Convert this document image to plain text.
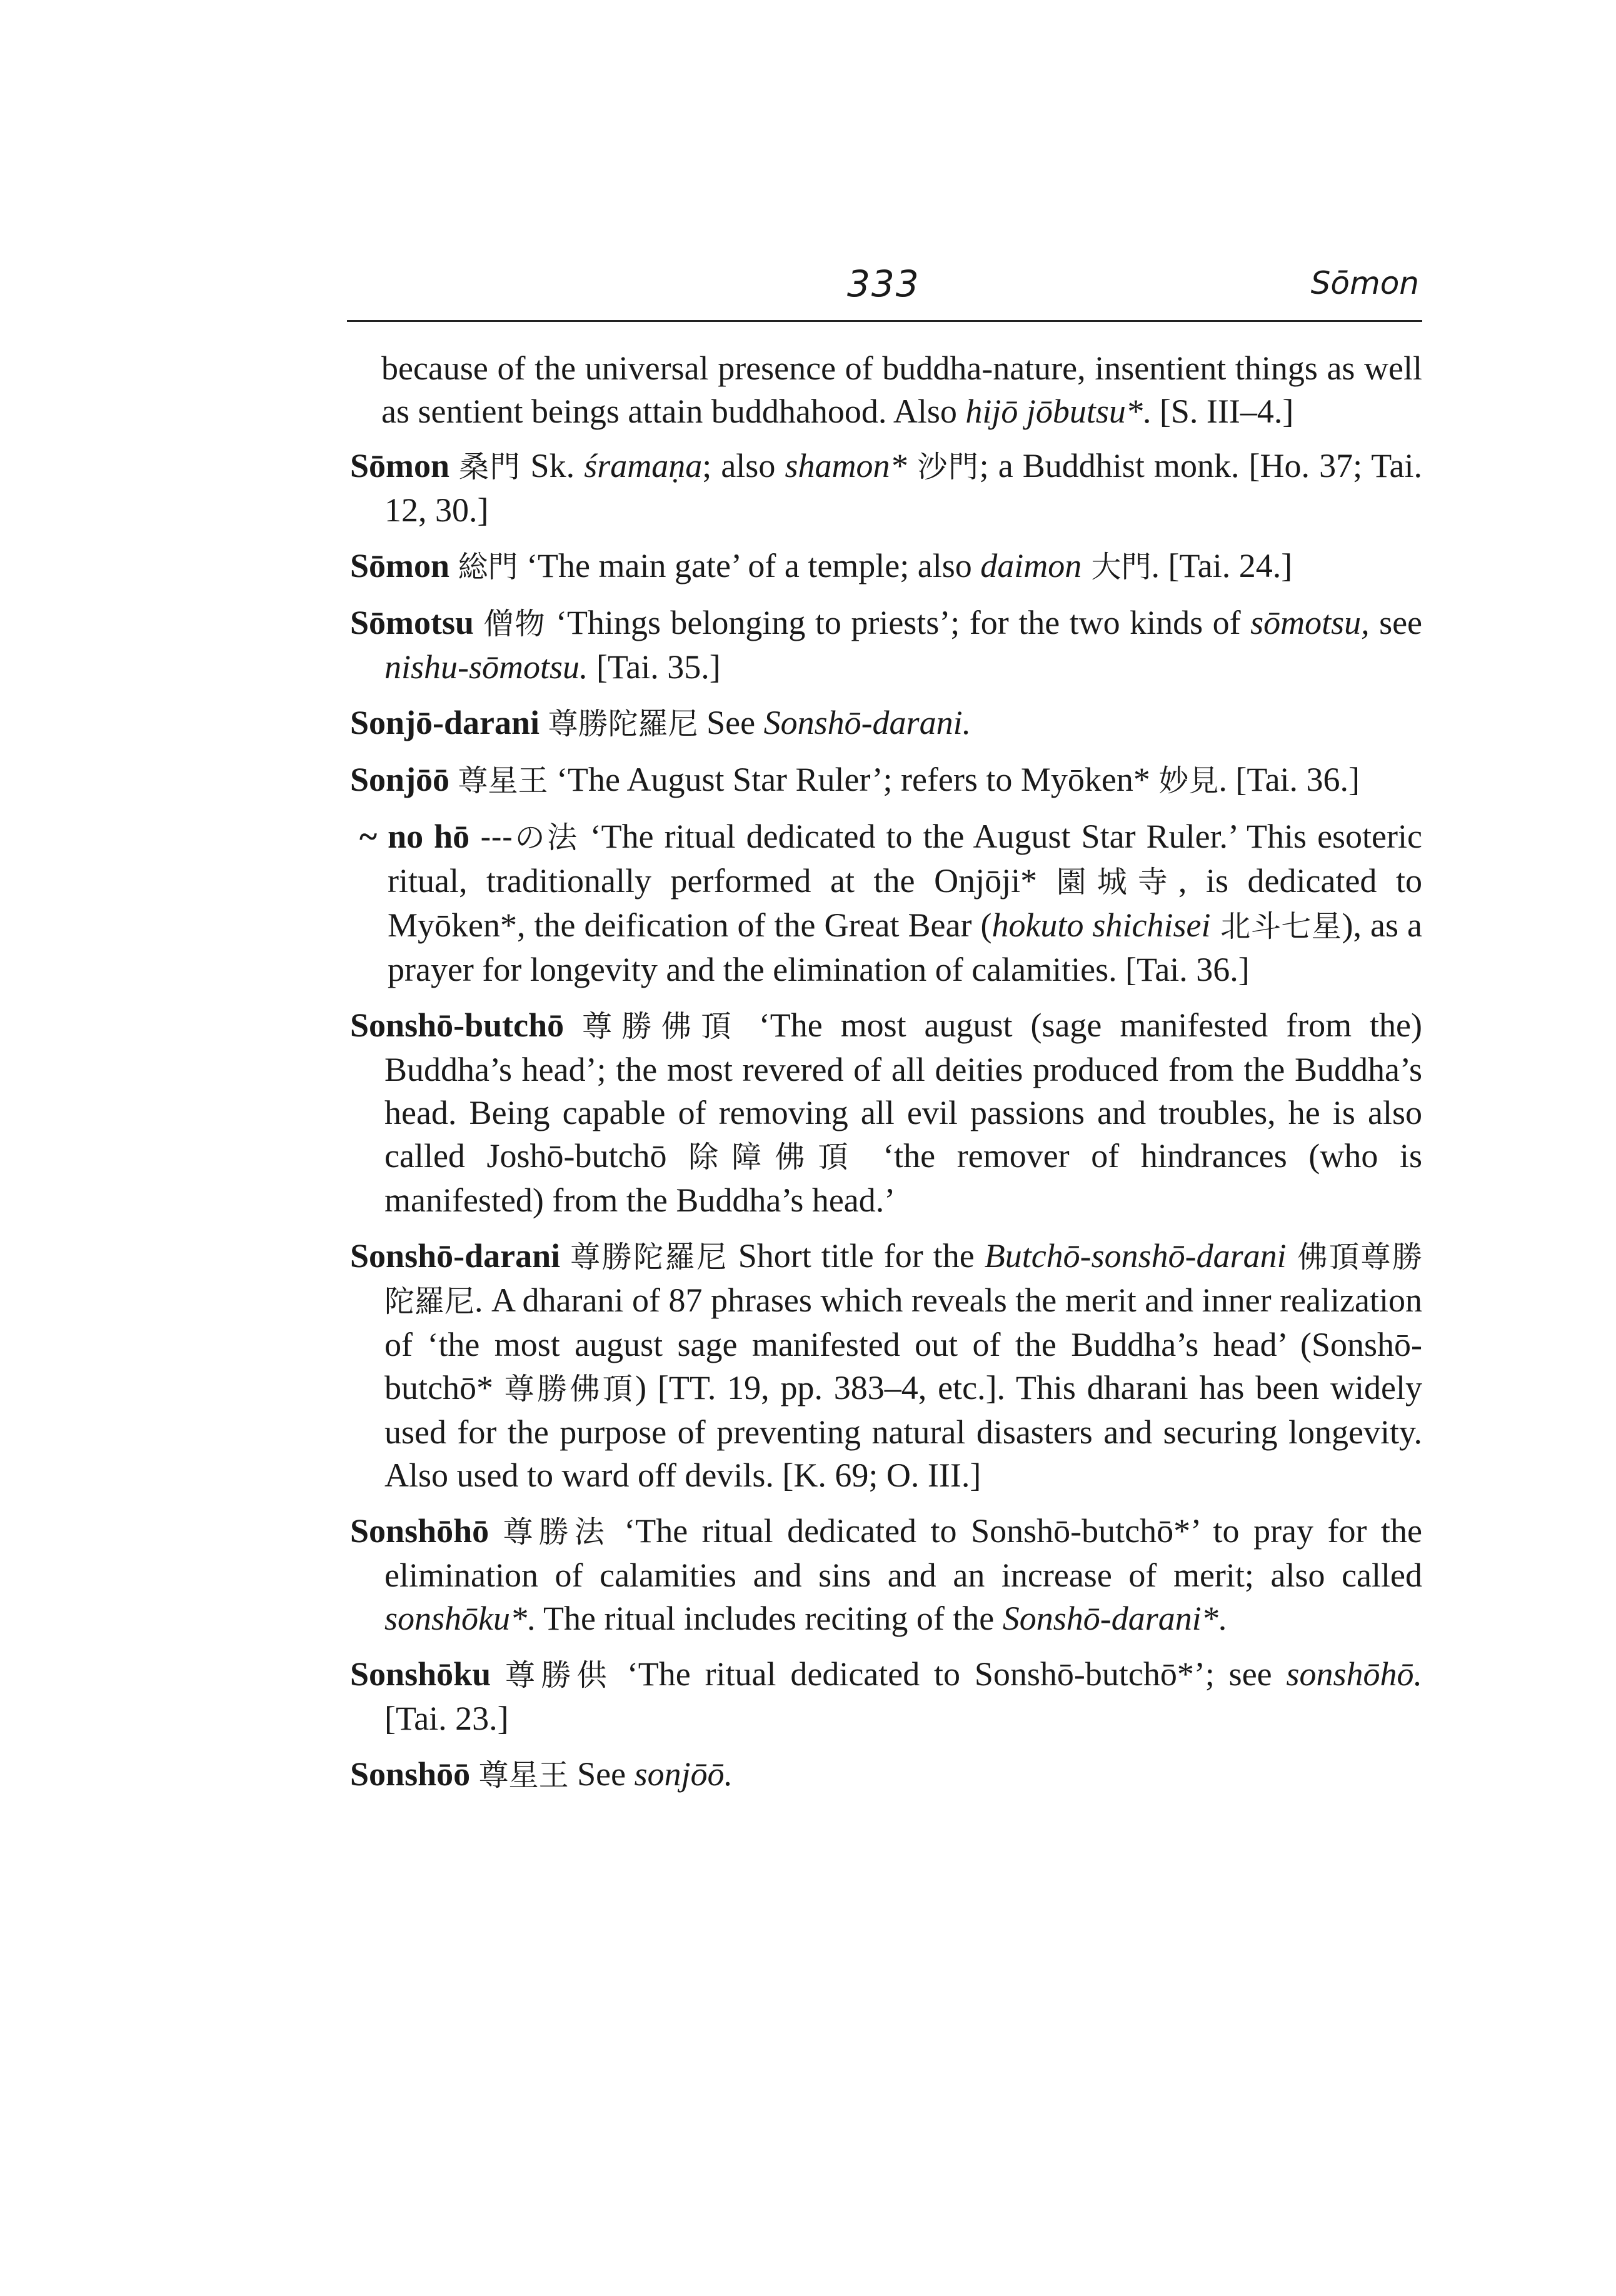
333	Sōmon

because of the universal presence of buddha-nature, insentient things as well as sentient beings attain buddhahood. Also hijō jōbutsu*. [S. III–4.]

Sōmon 桑門 Sk. śramaṇa; also shamon* 沙門; a Buddhist monk. [Ho. 37; Tai. 12, 30.]

Sōmon 総門 ‘The main gate’ of a temple; also daimon 大門. [Tai. 24.]

Sōmotsu 僧物 ‘Things belonging to priests’; for the two kinds of sōmotsu, see nishu-sōmotsu. [Tai. 35.]

Sonjō-darani 尊勝陀羅尼 See Sonshō-darani.

Sonjōō 尊星王 ‘The August Star Ruler’; refers to Myōken* 妙見. [Tai. 36.]

~ no hō ---の法 ‘The ritual dedicated to the August Star Ruler.’ This esoteric ritual, traditionally performed at the Onjōji* 園城寺, is dedicated to Myōken*, the deification of the Great Bear (hokuto shichisei 北斗七星), as a prayer for longevity and the elimination of calamities. [Tai. 36.]

Sonshō-butchō 尊勝佛頂 ‘The most august (sage manifested from the) Buddha’s head’; the most revered of all deities produced from the Buddha’s head. Being capable of removing all evil passions and troubles, he is also called Joshō-butchō 除障佛頂 ‘the remover of hindrances (who is manifested) from the Buddha’s head.’

Sonshō-darani 尊勝陀羅尼 Short title for the Butchō-sonshō-darani 佛頂尊勝陀羅尼. A dharani of 87 phrases which reveals the merit and inner realization of ‘the most august sage manifested out of the Buddha’s head’ (Sonshō-butchō* 尊勝佛頂) [TT. 19, pp. 383–4, etc.]. This dharani has been widely used for the purpose of preventing natural disasters and securing longevity. Also used to ward off devils. [K. 69; O. III.]

Sonshōhō 尊勝法 ‘The ritual dedicated to Sonshō-butchō*’ to pray for the elimination of calamities and sins and an increase of merit; also called sonshōku*. The ritual includes reciting of the Sonshō-darani*.

Sonshōku 尊勝供 ‘The ritual dedicated to Sonshō-butchō*’; see sonshōhō. [Tai. 23.]

Sonshōō 尊星王 See sonjōō.
